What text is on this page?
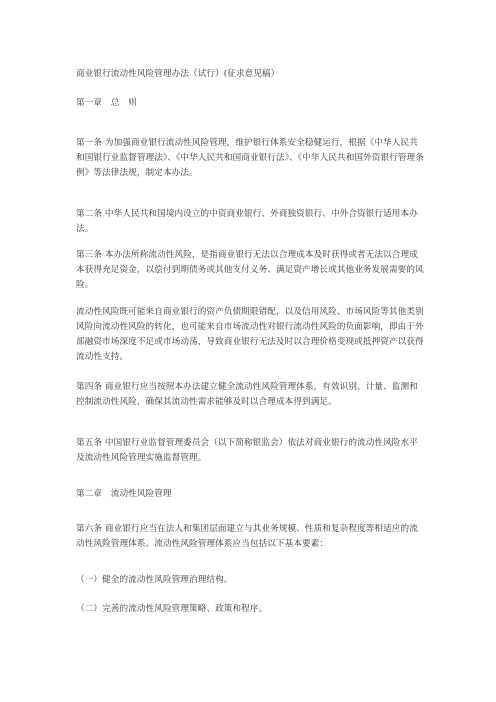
商业银行流动性风险管理办法（试行）(征求意见稿）

第一章　总　则

第一条 为加强商业银行流动性风险管理，维护银行体系安全稳健运行，根据《中华人民共和国银行业监督管理法》、《中华人民共和国商业银行法》、《中华人民共和国外资银行管理条例》等法律法规，制定本办法。

第二条 中华人民共和国境内设立的中资商业银行、外商独资银行、中外合资银行适用本办法。

第三条 本办法所称流动性风险，是指商业银行无法以合理成本及时获得或者无法以合理成本获得充足资金，以偿付到期债务或其他支付义务、满足资产增长或其他业务发展需要的风险。

流动性风险既可能来自商业银行的资产负债期限错配，以及信用风险、市场风险等其他类别风险向流动性风险的转化，也可能来自市场流动性对银行流动性风险的负面影响，即由于外部融资市场深度不足或市场动荡，导致商业银行无法及时以合理价格变现或抵押资产以获得流动性支持。

第四条 商业银行应当按照本办法建立健全流动性风险管理体系，有效识别、计量、监测和控制流动性风险，确保其流动性需求能够及时以合理成本得到满足。

第五条 中国银行业监督管理委员会（以下简称银监会）依法对商业银行的流动性风险水平及流动性风险管理实施监督管理。

第二章　流动性风险管理

第六条 商业银行应当在法人和集团层面建立与其业务规模、性质和复杂程度等相适应的流动性风险管理体系。流动性风险管理体系应当包括以下基本要素：

（一）健全的流动性风险管理治理结构。

（二）完善的流动性风险管理策略、政策和程序。
